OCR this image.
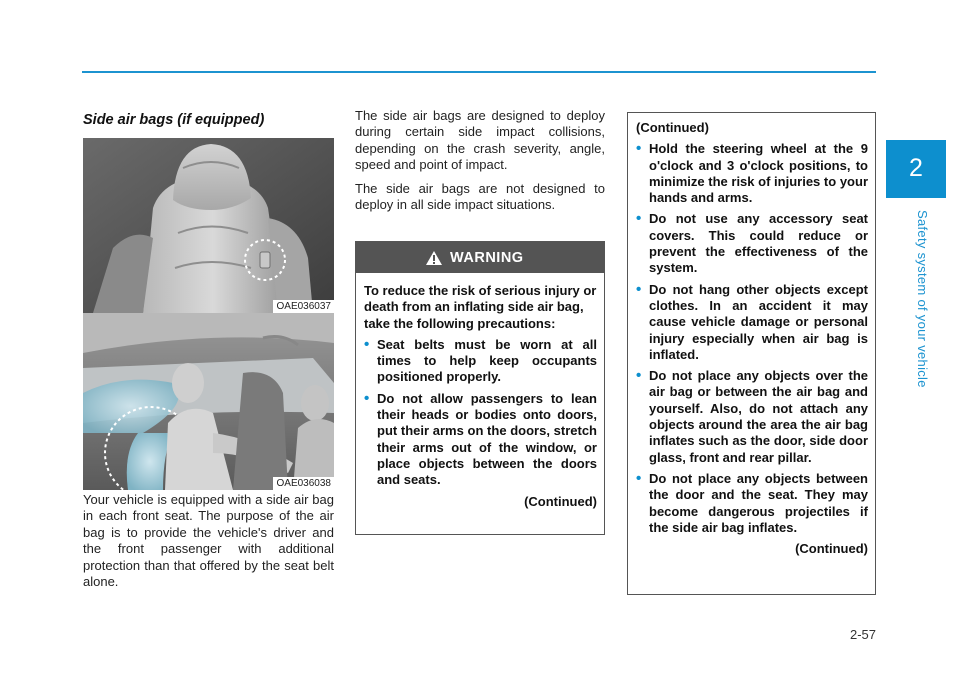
2
Safety system of your vehicle
Side air bags (if equipped)
OAE036037
OAE036038

Your vehicle is equipped with a side air bag in each front seat. The purpose of the air bag is to provide the vehicle's driver and the front passenger with additional protection than that offered by the seat belt alone.

The side air bags are designed to deploy during certain side impact collisions, depending on the crash severity, angle, speed and point of impact.

The side air bags are not designed to deploy in all side impact situations.

WARNING

To reduce the risk of serious injury or death from an inflating side air bag, take the following precautions:

• Seat belts must be worn at all times to help keep occupants positioned properly.
• Do not allow passengers to lean their heads or bodies onto doors, put their arms on the doors, stretch their arms out of the window, or place objects between the doors and seats.
(Continued)

(Continued)

• Hold the steering wheel at the 9 o'clock and 3 o'clock positions, to minimize the risk of injuries to your hands and arms.
• Do not use any accessory seat covers. This could reduce or prevent the effectiveness of the system.
• Do not hang other objects except clothes. In an accident it may cause vehicle damage or personal injury especially when air bag is inflated.
• Do not place any objects over the air bag or between the air bag and yourself. Also, do not attach any objects around the area the air bag inflates such as the door, side door glass, front and rear pillar.
• Do not place any objects between the door and the seat. They may become dangerous projectiles if the side air bag inflates.
(Continued)
2-57
